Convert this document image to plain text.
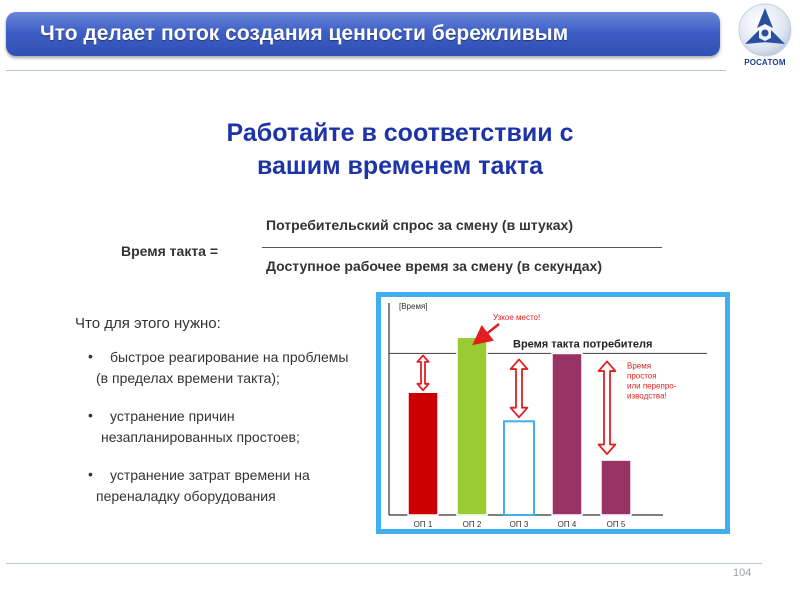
Что делает поток создания ценности бережливым
РОСАТОМ
Работайте в соответствии с
вашим временем такта
Время такта =
Потребительский спрос за смену (в штуках)
Доступное рабочее время за смену (в секундах)
Что для этого нужно:
• быстрое реагирование на проблемы
(в пределах времени такта);
• устранение причин
незапланированных простоев;
• устранение затрат времени на
переналадку оборудования
[Время]
Время такта потребителя
ОП 1	ОП 2	ОП 3	ОП 4	ОП 5
Узкое место!
Время
простоя
или перепро-
изводства!
104
